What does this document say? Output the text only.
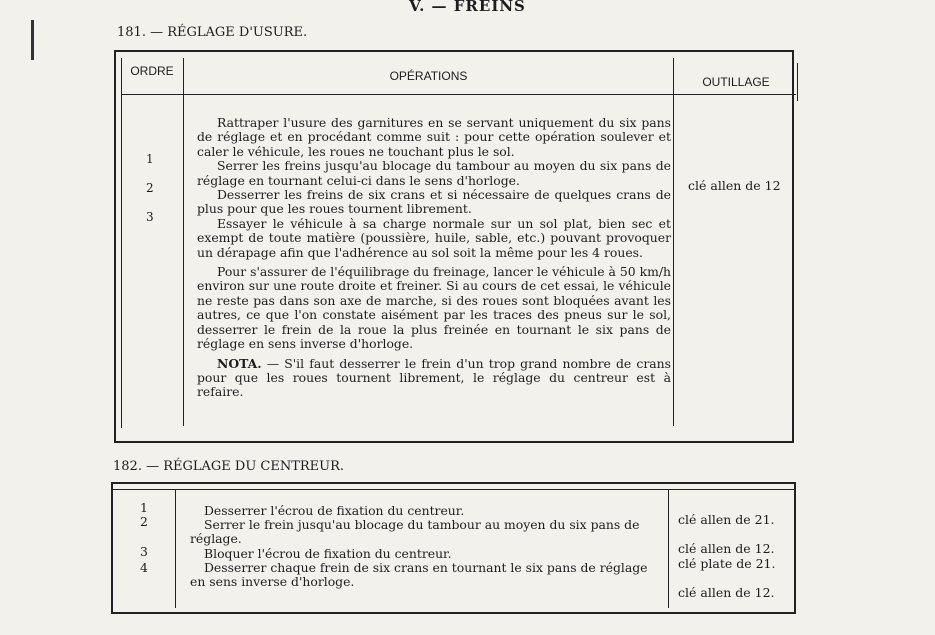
V. — FREINS
181. — RÉGLAGE D'USURE.
ORDRE	OPÉRATIONS	OUTILLAGE
1
2
3

Rattraper l'usure des garnitures en se servant uniquement du six pans de réglage et en procédant comme suit : pour cette opération soulever et caler le véhicule, les roues ne touchant plus le sol.

Serrer les freins jusqu'au blocage du tambour au moyen du six pans de réglage en tournant celui-ci dans le sens d'horloge.

Desserrer les freins de six crans et si nécessaire de quelques crans de plus pour que les roues tournent librement.

Essayer le véhicule à sa charge normale sur un sol plat, bien sec et exempt de toute matière (poussière, huile, sable, etc.) pouvant provoquer un dérapage afin que l'adhérence au sol soit la même pour les 4 roues.

Pour s'assurer de l'équilibrage du freinage, lancer le véhicule à 50 km/h environ sur une route droite et freiner. Si au cours de cet essai, le véhicule ne reste pas dans son axe de marche, si des roues sont bloquées avant les autres, ce que l'on constate aisément par les traces des pneus sur le sol, desserrer le frein de la roue la plus freinée en tournant le six pans de réglage en sens inverse d'horloge.

NOTA. — S'il faut desserrer le frein d'un trop grand nombre de crans pour que les roues tournent librement, le réglage du centreur est à refaire.

clé allen de 12
182. — RÉGLAGE DU CENTREUR.
1
2
3
4

Desserrer l'écrou de fixation du centreur.

Serrer le frein jusqu'au blocage du tambour au moyen du six pans de réglage.

Bloquer l'écrou de fixation du centreur.

Desserrer chaque frein de six crans en tournant le six pans de réglage en sens inverse d'horloge.

clé allen de 21.
clé allen de 12.
clé plate de 21.
clé allen de 12.
